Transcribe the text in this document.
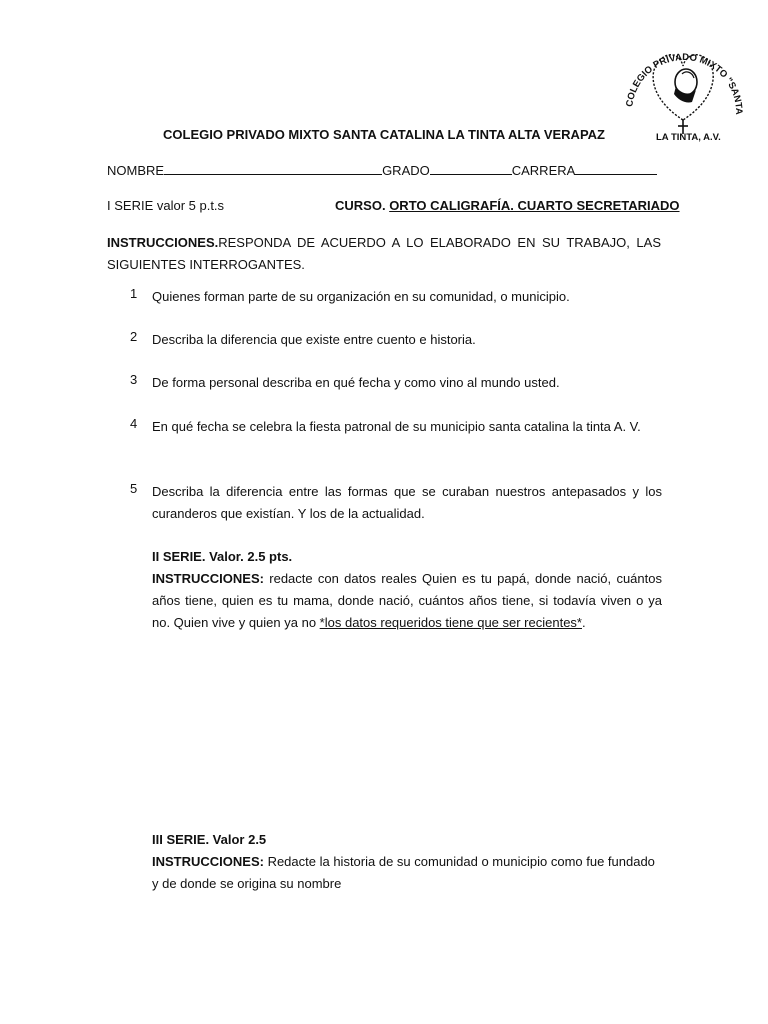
COLEGIO PRIVADO MIXTO "SANTA
LA TINTA, A.V.
COLEGIO PRIVADO MIXTO SANTA CATALINA LA TINTA ALTA VERAPAZ
NOMBRE	GRADO	CARRERA
I SERIE valor 5 p.t.s	CURSO. ORTO CALIGRAFÍA. CUARTO SECRETARIADO
INSTRUCCIONES.RESPONDA DE ACUERDO A LO ELABORADO EN SU TRABAJO, LAS SIGUIENTES INTERROGANTES.
1 Quienes forman parte de su organización en su comunidad, o municipio.
2 Describa la diferencia que existe entre cuento e historia.
3 De forma personal describa en qué fecha y como vino al mundo usted.
4 En qué fecha se celebra la fiesta patronal de su municipio santa catalina la tinta A. V.
5 Describa la diferencia entre las formas que se curaban nuestros antepasados y los curanderos que existían. Y los de la actualidad.
II SERIE. Valor. 2.5 pts.
INSTRUCCIONES: redacte con datos reales Quien es tu papá, donde nació, cuántos años tiene, quien es tu mama, donde nació, cuántos años tiene, si todavía viven o ya no. Quien vive y quien ya no *los datos requeridos tiene que ser recientes*.
III SERIE. Valor 2.5
INSTRUCCIONES: Redacte la historia de su comunidad o municipio como fue fundado y de donde se origina su nombre
